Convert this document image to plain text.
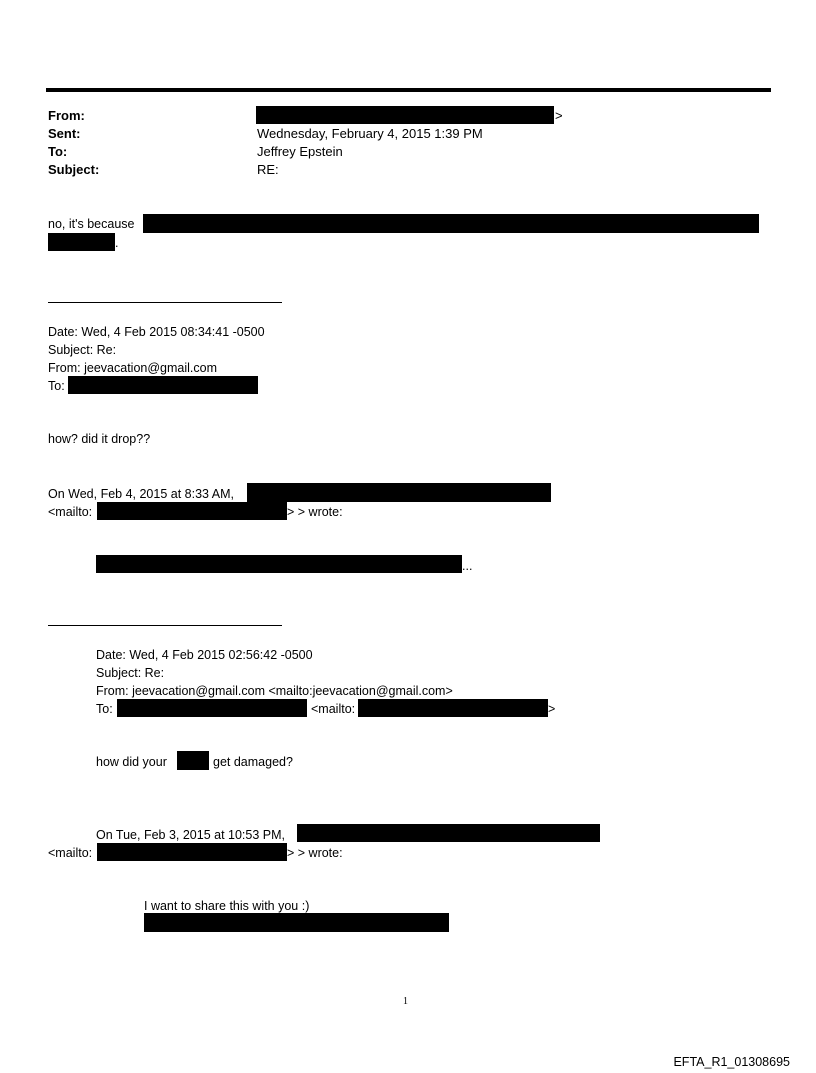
From:	>
Sent:	Wednesday, February 4, 2015 1:39 PM
To:	Jeffrey Epstein
Subject:	RE:
no, it's because
.
Date: Wed, 4 Feb 2015 08:34:41 -0500
Subject: Re:
From: jeevacation@gmail.com
To:
how? did it drop??
On Wed, Feb 4, 2015 at 8:33 AM,
<mailto:	> > wrote:
...
Date: Wed, 4 Feb 2015 02:56:42 -0500
Subject: Re:
From: jeevacation@gmail.com <mailto:jeevacation@gmail.com>
To:	<mailto:	>
how did your	get damaged?
On Tue, Feb 3, 2015 at 10:53 PM,
<mailto:	> > wrote:
I want to share this with you :)
1
EFTA_R1_01308695
